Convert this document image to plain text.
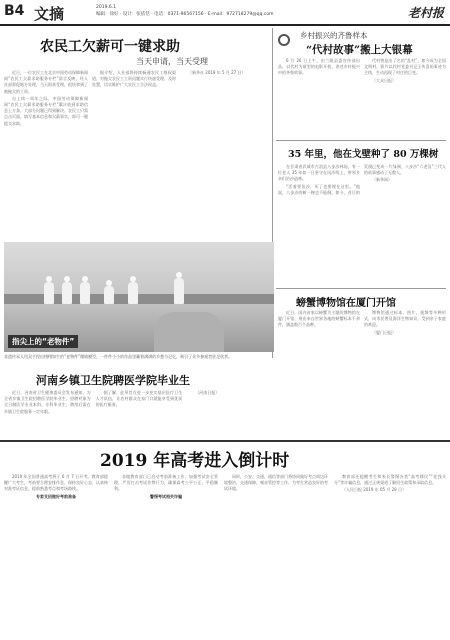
B4 文摘	2019.6.1
编辑：徐好 · 设计：张依恬 · 电话：0371-96567156 · E-mail：972718279@qq.com	老村报
农民工欠薪可一键求助
当天申请，当天受理

近日，一位农民工在北京中国劳动保障新闻网“农民工欠薪求助服务专栏”留言反映，经人社部督促地方处理，当天即获受理，很快拿到了被拖欠的工资。

自上线一周年之际，中国劳动保障新闻网“农民工欠薪求助服务专栏”累计收到求助信息上万条，大部分问题已得到解决。农民工只需点击页面、填写基本信息和欠薪事实，即可一键提交求助。

据介绍，人社部将持续畅通农民工维权渠道，对拖欠农民工工资问题实行快速受理、及时处置，切实维护广大农民工合法权益。

（新华社 2019 年 5 月 27 日）

乡村振兴的齐鲁样本
“代村故事”搬上大银幕

6 月 26 日上午，由兰陵县委宣传部出品、以代村为原型的电影开机，讲述乡村振兴中的齐鲁故事。

代村曾是出了名的“乱村”，如今成为全国文明村。影片以代村党委书记王传喜的事迹为主线，生动再现了村庄的巨变。

（大众日报）

35 年里，他在戈壁种了 80 万棵树

在甘肃省武威市古浪县八步沙林场，有一位老人 35 年如一日坚守在风沙线上，带领乡亲们治沙造林。

“活着要治沙，死了也要埋在这里。”他说，八步沙的树一棵也不能倒。如今，昔日的荒漠已变成一片绿洲，八步沙“六老汉”三代人的故事感动了无数人。

（新华网）

指尖上的“老物件”
非遗传承人用双手捏出栩栩如生的“老物件”微缩模型，一件件小小的作品里藏着满满的乡愁与记忆，吸引了众多参观者驻足欣赏。
螃蟹博物馆在厦门开馆

近日，国内首家以螃蟹为主题的博物馆在厦门开馆，展出来自世界各地的螃蟹标本千余件，涵盖数百个品种。

博物馆通过标本、图片、视频等多种形式，向市民普及海洋生物知识，受到亲子家庭的欢迎。

（厦门日报）

河南乡镇卫生院聘医学院毕业生

近日，河南省卫生健康委员会发布通知，为全省乡镇卫生院招聘医学院毕业生。招聘对象为全日制医学专业本科、专科毕业生，聘用后需在乡镇卫生院服务一定年限。

据了解，此举旨在进一步充实基层医疗卫生人才队伍，让农村群众在家门口就能享受到优质的医疗服务。

（河南日报）

2019 年高考进入倒计时

2019 年全国普通高考将于 6 月 7 日开考。教育部提醒广大考生，考前要合理安排作息，保持良好心态，认真核对准考证信息，提前熟悉考点和考场路线。

专家支招做好考前准备

各地教育部门已启动考前准备工作，加强考试安全管理，严厉打击考试作弊行为，确保高考公平公正、平稳顺利。

警惕考试相关诈骗

同时，公安、交通、通信等部门将协同做好考点周边环境整治、交通保障、噪音管控等工作，为考生营造良好的考试环境。

教育部还提醒考生和家长警惕各类“高考移民”“花钱买分”等诈骗信息，通过正规渠道了解招生政策和录取信息。

（人民日报 2019 年 05 月 29 日）
